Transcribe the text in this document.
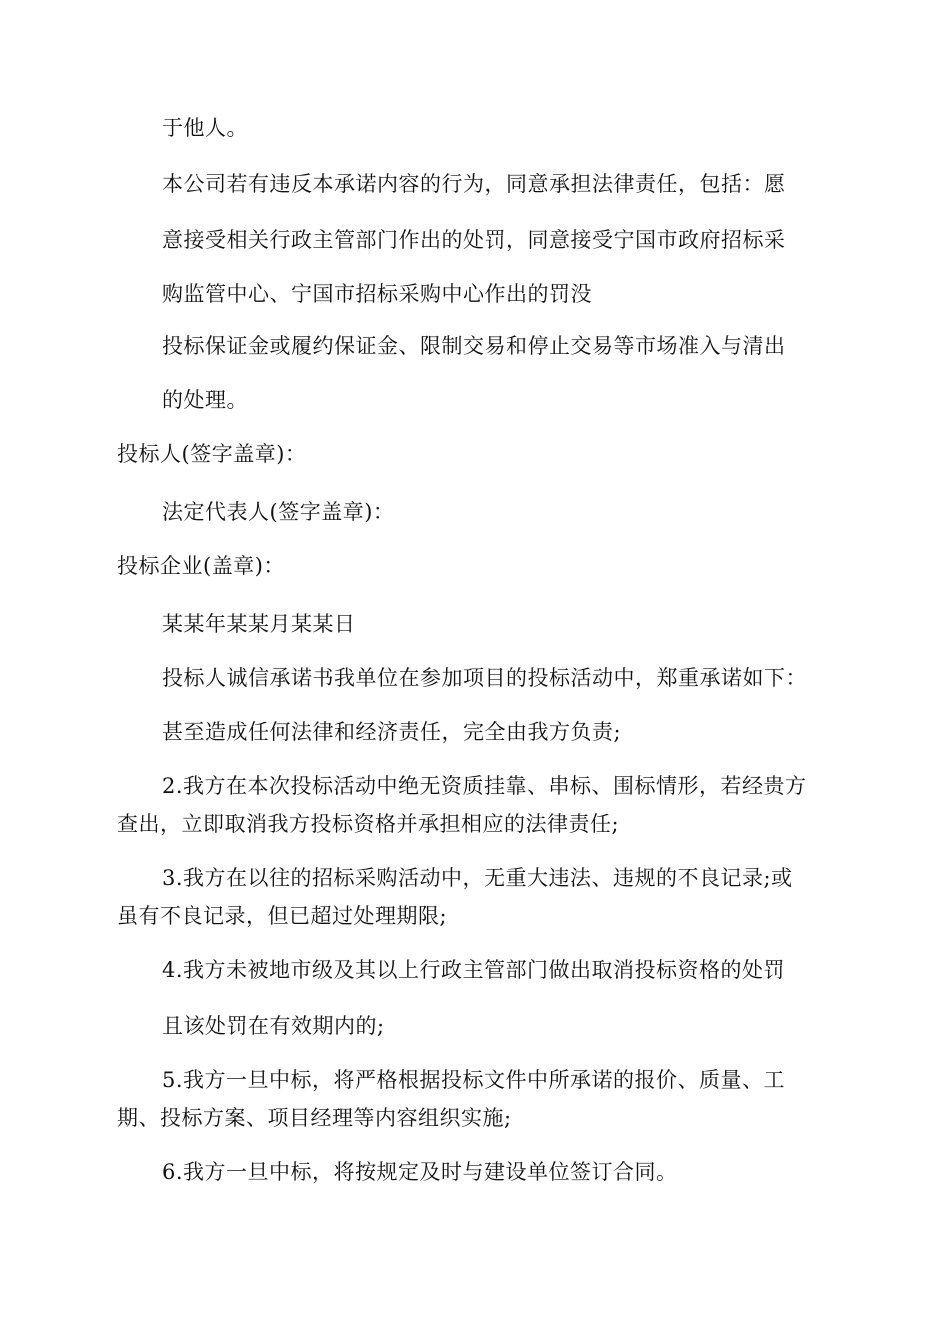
于他人。
本公司若有违反本承诺内容的行为，同意承担法律责任，包括：愿
意接受相关行政主管部门作出的处罚，同意接受宁国市政府招标采
购监管中心、宁国市招标采购中心作出的罚没
投标保证金或履约保证金、限制交易和停止交易等市场准入与清出
的处理。
投标人(签字盖章)：
法定代表人(签字盖章)：
投标企业(盖章)：
某某年某某月某某日
投标人诚信承诺书我单位在参加项目的投标活动中，郑重承诺如下：
甚至造成任何法律和经济责任，完全由我方负责;
2.我方在本次投标活动中绝无资质挂靠、串标、围标情形，若经贵方
查出，立即取消我方投标资格并承担相应的法律责任;
3.我方在以往的招标采购活动中，无重大违法、违规的不良记录;或
虽有不良记录，但已超过处理期限;
4.我方未被地市级及其以上行政主管部门做出取消投标资格的处罚
且该处罚在有效期内的;
5.我方一旦中标，将严格根据投标文件中所承诺的报价、质量、工
期、投标方案、项目经理等内容组织实施;
6.我方一旦中标，将按规定及时与建设单位签订合同。
